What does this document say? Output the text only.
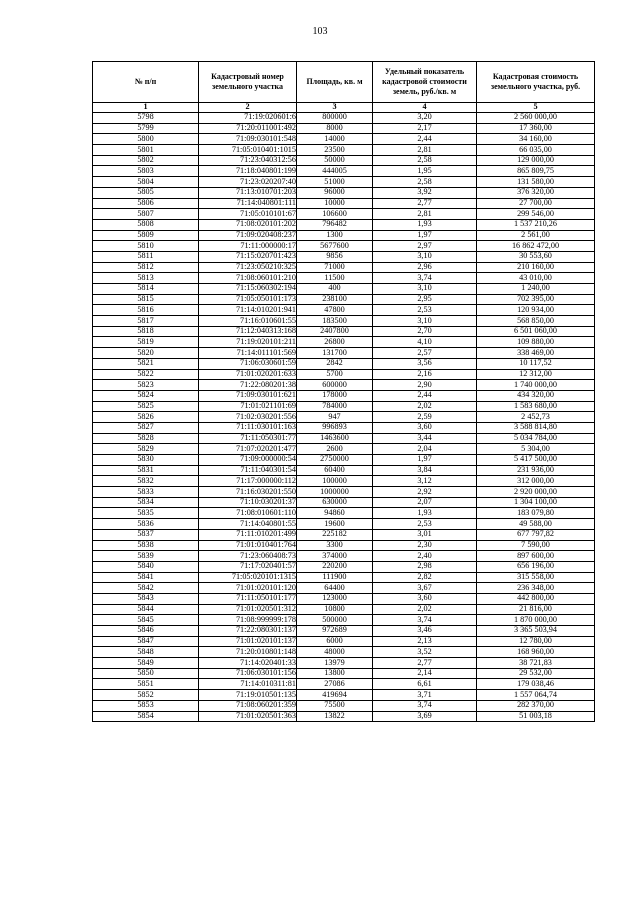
103
№ п/п	Кадастровый номер земельного участка	Площадь, кв. м	Удельный показатель кадастровой стоимости земель, руб./кв. м	Кадастровая стоимость земельного участка, руб.
1	2	3	4	5
5798	71:19:020601:6	800000	3,20	2 560 000,00
5799	71:20:011001:492	8000	2,17	17 360,00
5800	71:09:030101:548	14000	2,44	34 160,00
5801	71:05:010401:1015	23500	2,81	66 035,00
5802	71:23:040312:56	50000	2,58	129 000,00
5803	71:18:040801:199	444005	1,95	865 809,75
5804	71:23:020207:40	51000	2,58	131 580,00
5805	71:13:010701:203	96000	3,92	376 320,00
5806	71:14:040801:111	10000	2,77	27 700,00
5807	71:05:010101:67	106600	2,81	299 546,00
5808	71:08:020101:202	796482	1,93	1 537 210,26
5809	71:09:020408:237	1300	1,97	2 561,00
5810	71:11:000000:17	5677600	2,97	16 862 472,00
5811	71:15:020701:423	9856	3,10	30 553,60
5812	71:23:050210:325	71000	2,96	210 160,00
5813	71:08:060101:210	11500	3,74	43 010,00
5814	71:15:060302:194	400	3,10	1 240,00
5815	71:05:050101:173	238100	2,95	702 395,00
5816	71:14:010201:941	47800	2,53	120 934,00
5817	71:16:010601:55	183500	3,10	568 850,00
5818	71:12:040313:168	2407800	2,70	6 501 060,00
5819	71:19:020101:211	26800	4,10	109 880,00
5820	71:14:011101:569	131700	2,57	338 469,00
5821	71:06:030601:59	2842	3,56	10 117,52
5822	71:01:020201:633	5700	2,16	12 312,00
5823	71:22:080201:38	600000	2,90	1 740 000,00
5824	71:09:030101:621	178000	2,44	434 320,00
5825	71:01:021101:69	784000	2,02	1 583 680,00
5826	71:02:030201:556	947	2,59	2 452,73
5827	71:11:030101:163	996893	3,60	3 588 814,80
5828	71:11:050301:77	1463600	3,44	5 034 784,00
5829	71:07:020201:477	2600	2,04	5 304,00
5830	71:09:000000:54	2750000	1,97	5 417 500,00
5831	71:11:040301:54	60400	3,84	231 936,00
5832	71:17:000000:112	100000	3,12	312 000,00
5833	71:16:030201:550	1000000	2,92	2 920 000,00
5834	71:10:030201:37	630000	2,07	1 304 100,00
5835	71:08:010601:110	94860	1,93	183 079,80
5836	71:14:040801:55	19600	2,53	49 588,00
5837	71:11:010201:499	225182	3,01	677 797,82
5838	71:01:010401:764	3300	2,30	7 590,00
5839	71:23:060408:73	374000	2,40	897 600,00
5840	71:17:020401:57	220200	2,98	656 196,00
5841	71:05:020101:1315	111900	2,82	315 558,00
5842	71:01:020101:120	64400	3,67	236 348,00
5843	71:11:050101:177	123000	3,60	442 800,00
5844	71:01:020501:312	10800	2,02	21 816,00
5845	71:08:999999:178	500000	3,74	1 870 000,00
5846	71:22:080301:137	972689	3,46	3 365 503,94
5847	71:01:020101:137	6000	2,13	12 780,00
5848	71:20:010801:148	48000	3,52	168 960,00
5849	71:14:020401:33	13979	2,77	38 721,83
5850	71:06:030101:156	13800	2,14	29 532,00
5851	71:14:010311:81	27086	6,61	179 038,46
5852	71:19:010501:135	419694	3,71	1 557 064,74
5853	71:08:060201:359	75500	3,74	282 370,00
5854	71:01:020501:363	13822	3,69	51 003,18
